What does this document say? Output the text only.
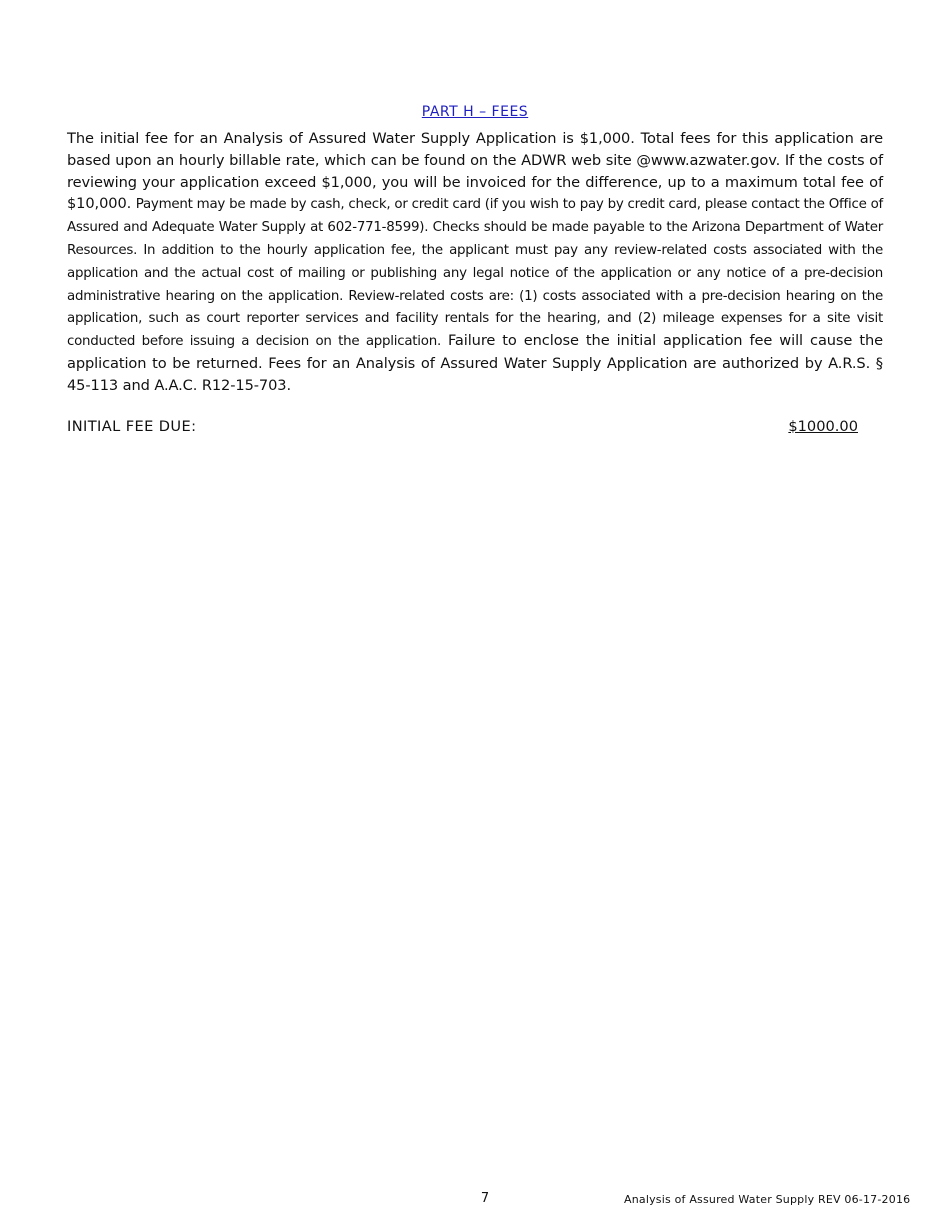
PART H – FEES
The initial fee for an Analysis of Assured Water Supply Application is $1,000. Total fees for this application are based upon an hourly billable rate, which can be found on the ADWR web site @www.azwater.gov. If the costs of reviewing your application exceed $1,000, you will be invoiced for the difference, up to a maximum total fee of $10,000. Payment may be made by cash, check, or credit card (if you wish to pay by credit card, please contact the Office of Assured and Adequate Water Supply at 602-771-8599). Checks should be made payable to the Arizona Department of Water Resources. In addition to the hourly application fee, the applicant must pay any review-related costs associated with the application and the actual cost of mailing or publishing any legal notice of the application or any notice of a pre-decision administrative hearing on the application. Review-related costs are: (1) costs associated with a pre-decision hearing on the application, such as court reporter services and facility rentals for the hearing, and (2) mileage expenses for a site visit conducted before issuing a decision on the application. Failure to enclose the initial application fee will cause the application to be returned. Fees for an Analysis of Assured Water Supply Application are authorized by A.R.S. § 45-113 and A.A.C. R12-15-703.
INITIAL FEE DUE:	$1000.00
7	Analysis of Assured Water Supply REV 06-17-2016
